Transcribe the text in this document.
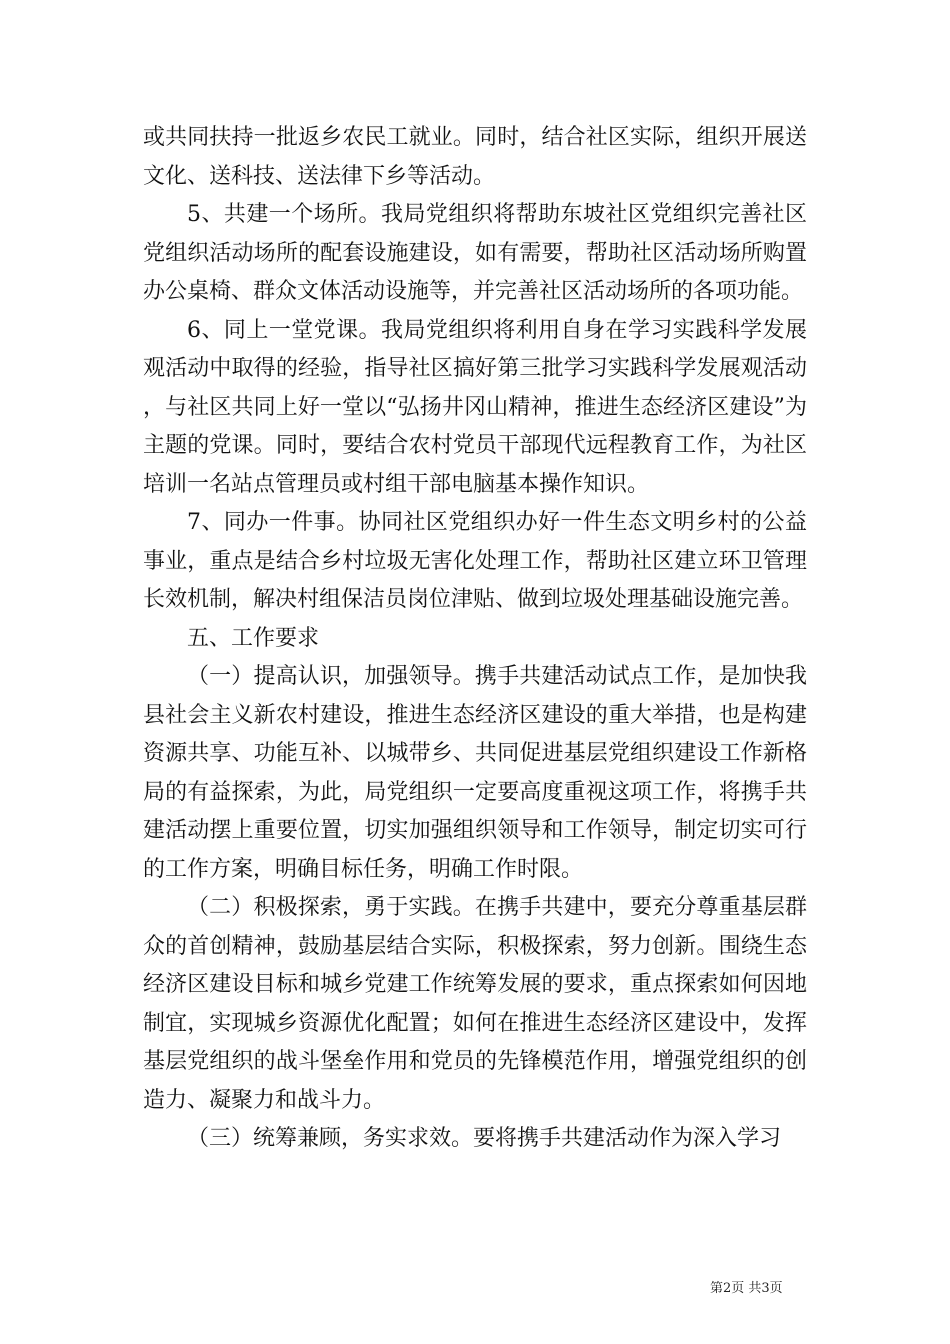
或共同扶持一批返乡农民工就业。同时，结合社区实际，组织开展送文化、送科技、送法律下乡等活动。

5、共建一个场所。我局党组织将帮助东坡社区党组织完善社区党组织活动场所的配套设施建设，如有需要，帮助社区活动场所购置办公桌椅、群众文体活动设施等，并完善社区活动场所的各项功能。

6、同上一堂党课。我局党组织将利用自身在学习实践科学发展观活动中取得的经验，指导社区搞好第三批学习实践科学发展观活动，与社区共同上好一堂以“弘扬井冈山精神，推进生态经济区建设”为主题的党课。同时，要结合农村党员干部现代远程教育工作，为社区培训一名站点管理员或村组干部电脑基本操作知识。

7、同办一件事。协同社区党组织办好一件生态文明乡村的公益事业，重点是结合乡村垃圾无害化处理工作，帮助社区建立环卫管理长效机制，解决村组保洁员岗位津贴、做到垃圾处理基础设施完善。

五、工作要求

（一）提高认识，加强领导。携手共建活动试点工作，是加快我县社会主义新农村建设，推进生态经济区建设的重大举措，也是构建资源共享、功能互补、以城带乡、共同促进基层党组织建设工作新格局的有益探索，为此，局党组织一定要高度重视这项工作，将携手共建活动摆上重要位置，切实加强组织领导和工作领导，制定切实可行的工作方案，明确目标任务，明确工作时限。

（二）积极探索，勇于实践。在携手共建中，要充分尊重基层群众的首创精神，鼓励基层结合实际，积极探索，努力创新。围绕生态经济区建设目标和城乡党建工作统筹发展的要求，重点探索如何因地制宜，实现城乡资源优化配置；如何在推进生态经济区建设中，发挥基层党组织的战斗堡垒作用和党员的先锋模范作用，增强党组织的创造力、凝聚力和战斗力。

（三）统筹兼顾，务实求效。要将携手共建活动作为深入学习

第2页 共3页
